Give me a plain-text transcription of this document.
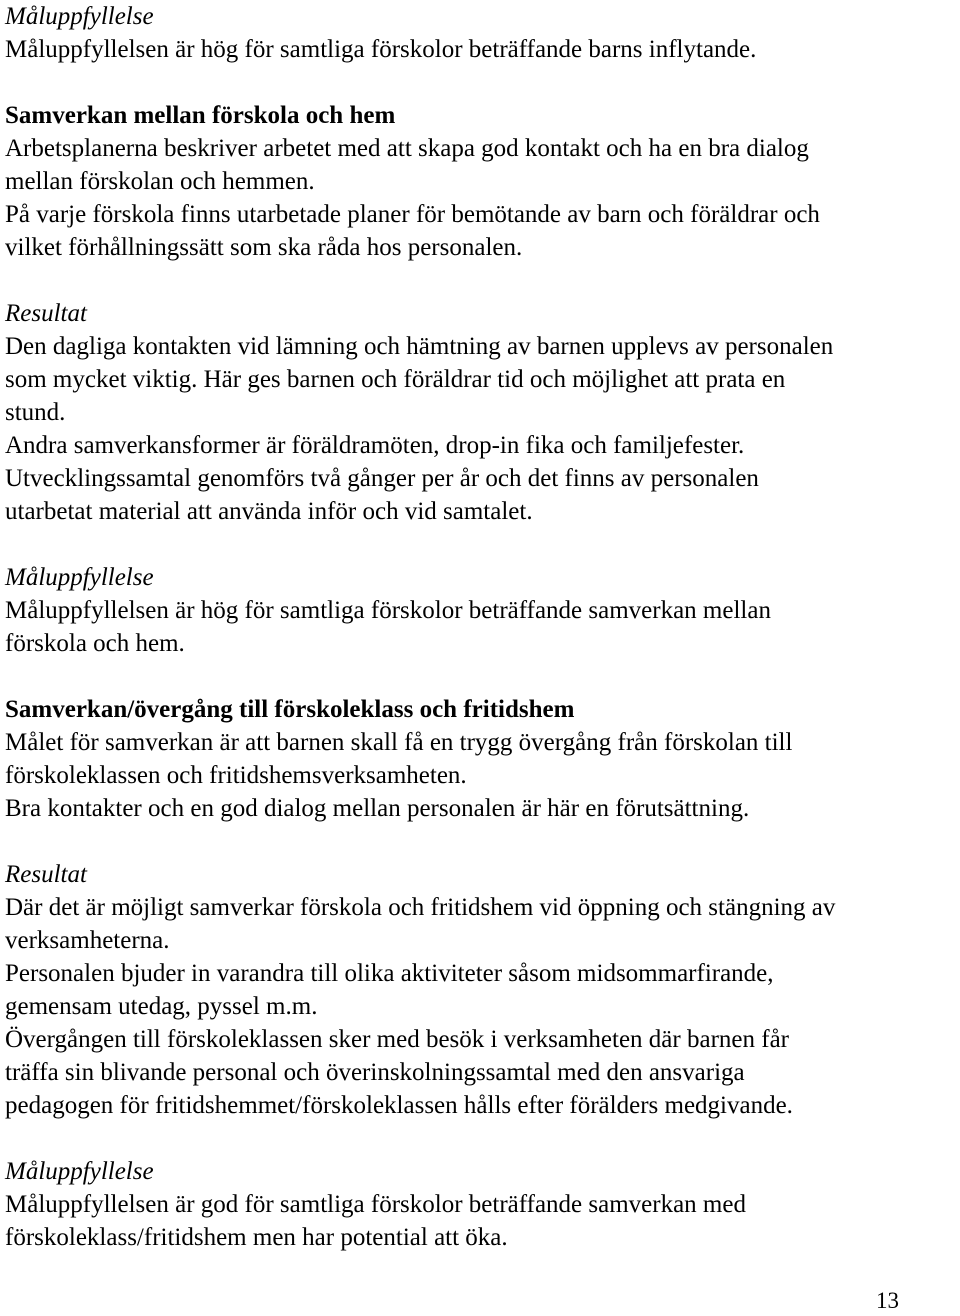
Måluppfyllelse
Måluppfyllelsen är hög för samtliga förskolor beträffande barns inflytande.
Samverkan mellan förskola och hem
Arbetsplanerna beskriver arbetet med att skapa god kontakt och ha en bra dialog
mellan förskolan och hemmen.
På varje förskola finns utarbetade planer för bemötande av barn och föräldrar och
vilket förhållningssätt som ska råda hos personalen.
Resultat
Den dagliga kontakten vid lämning och hämtning av barnen upplevs av personalen
som mycket viktig. Här ges barnen och föräldrar tid och möjlighet att prata en
stund.
Andra samverkansformer är föräldramöten, drop-in fika och familjefester.
Utvecklingssamtal genomförs två gånger per år och det finns av personalen
utarbetat material att använda inför och vid samtalet.
Måluppfyllelse
Måluppfyllelsen är hög för samtliga förskolor beträffande samverkan mellan
förskola och hem.
Samverkan/övergång till förskoleklass och fritidshem
Målet för samverkan är att barnen skall få en trygg övergång från förskolan till
förskoleklassen och fritidshemsverksamheten.
Bra kontakter och en god dialog mellan personalen är här en förutsättning.
Resultat
Där det är möjligt samverkar förskola och fritidshem vid öppning och stängning av
verksamheterna.
Personalen bjuder in varandra till olika aktiviteter såsom midsommarfirande,
gemensam utedag, pyssel m.m.
Övergången till förskoleklassen sker med besök i verksamheten där barnen får
träffa sin blivande personal och överinskolningssamtal med den ansvariga
pedagogen för fritidshemmet/förskoleklassen hålls efter förälders medgivande.
Måluppfyllelse
Måluppfyllelsen är god för samtliga förskolor beträffande samverkan med
förskoleklass/fritidshem men har potential att öka.
13
